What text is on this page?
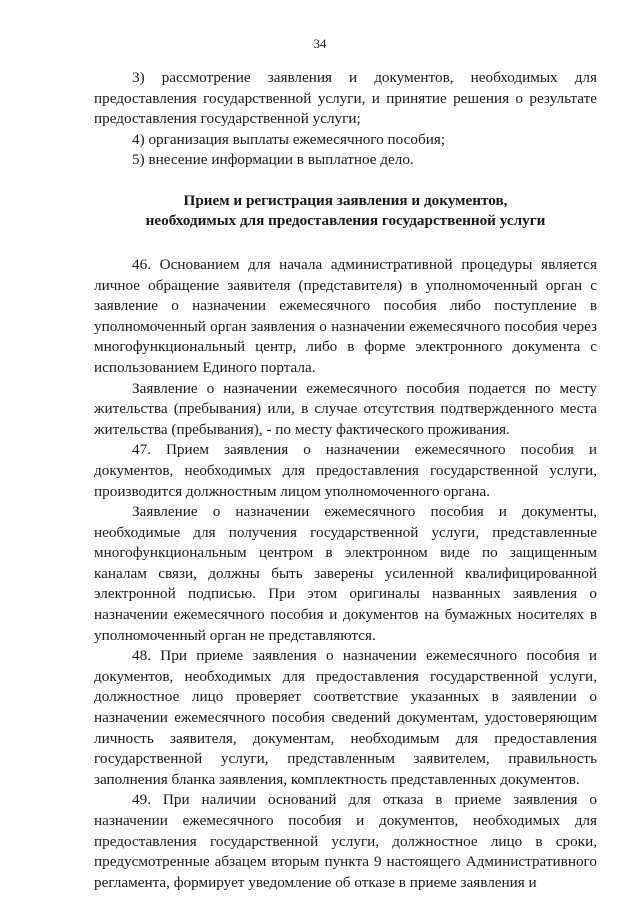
34

3) рассмотрение заявления и документов, необходимых для предоставления государственной услуги, и принятие решения о результате предоставления государственной услуги;

4) организация выплаты ежемесячного пособия;

5) внесение информации в выплатное дело.

Прием и регистрация заявления и документов,
необходимых для предоставления государственной услуги

46. Основанием для начала административной процедуры является личное обращение заявителя (представителя) в уполномоченный орган с заявление о назначении ежемесячного пособия либо поступление в уполномоченный орган заявления о назначении ежемесячного пособия через многофункциональный центр, либо в форме электронного документа с использованием Единого портала.

Заявление о назначении ежемесячного пособия подается по месту жительства (пребывания) или, в случае отсутствия подтвержденного места жительства (пребывания), - по месту фактического проживания.

47. Прием заявления о назначении ежемесячного пособия и документов, необходимых для предоставления государственной услуги, производится должностным лицом уполномоченного органа.

Заявление о назначении ежемесячного пособия и документы, необходимые для получения государственной услуги, представленные многофункциональным центром в электронном виде по защищенным каналам связи, должны быть заверены усиленной квалифицированной электронной подписью. При этом оригиналы названных заявления о назначении ежемесячного пособия и документов на бумажных носителях в уполномоченный орган не представляются.

48. При приеме заявления о назначении ежемесячного пособия и документов, необходимых для предоставления государственной услуги, должностное лицо проверяет соответствие указанных в заявлении о назначении ежемесячного пособия сведений документам, удостоверяющим личность заявителя, документам, необходимым для предоставления государственной услуги, представленным заявителем, правильность заполнения бланка заявления, комплектность представленных документов.

49. При наличии оснований для отказа в приеме заявления о назначении ежемесячного пособия и документов, необходимых для предоставления государственной услуги, должностное лицо в сроки, предусмотренные абзацем вторым пункта 9 настоящего Административного регламента, формирует уведомление об отказе в приеме заявления и
